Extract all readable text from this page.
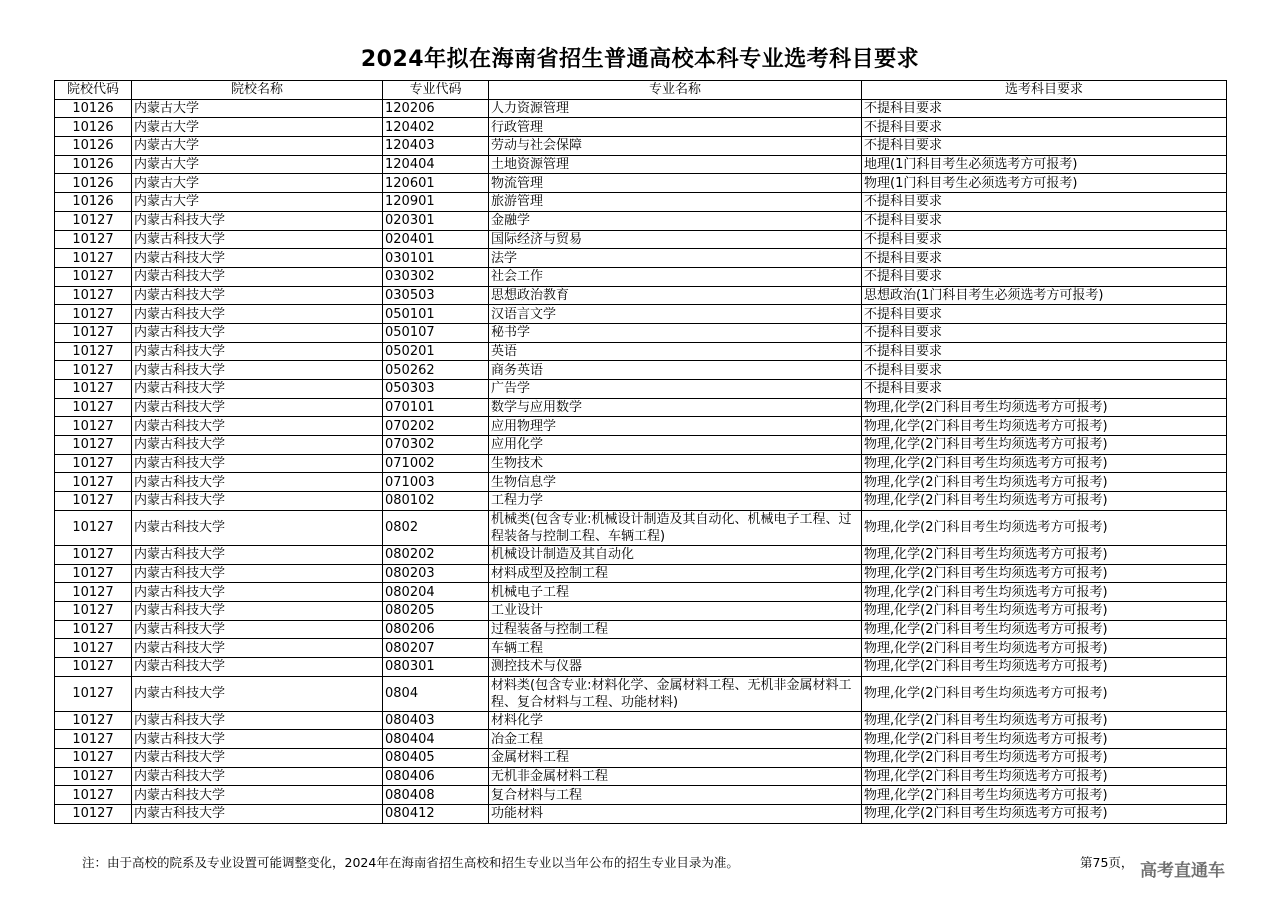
2024年拟在海南省招生普通高校本科专业选考科目要求
院校代码	院校名称	专业代码	专业名称	选考科目要求
10126	内蒙古大学	120206	人力资源管理	不提科目要求
10126	内蒙古大学	120402	行政管理	不提科目要求
10126	内蒙古大学	120403	劳动与社会保障	不提科目要求
10126	内蒙古大学	120404	土地资源管理	地理(1门科目考生必须选考方可报考)
10126	内蒙古大学	120601	物流管理	物理(1门科目考生必须选考方可报考)
10126	内蒙古大学	120901	旅游管理	不提科目要求
10127	内蒙古科技大学	020301	金融学	不提科目要求
10127	内蒙古科技大学	020401	国际经济与贸易	不提科目要求
10127	内蒙古科技大学	030101	法学	不提科目要求
10127	内蒙古科技大学	030302	社会工作	不提科目要求
10127	内蒙古科技大学	030503	思想政治教育	思想政治(1门科目考生必须选考方可报考)
10127	内蒙古科技大学	050101	汉语言文学	不提科目要求
10127	内蒙古科技大学	050107	秘书学	不提科目要求
10127	内蒙古科技大学	050201	英语	不提科目要求
10127	内蒙古科技大学	050262	商务英语	不提科目要求
10127	内蒙古科技大学	050303	广告学	不提科目要求
10127	内蒙古科技大学	070101	数学与应用数学	物理,化学(2门科目考生均须选考方可报考)
10127	内蒙古科技大学	070202	应用物理学	物理,化学(2门科目考生均须选考方可报考)
10127	内蒙古科技大学	070302	应用化学	物理,化学(2门科目考生均须选考方可报考)
10127	内蒙古科技大学	071002	生物技术	物理,化学(2门科目考生均须选考方可报考)
10127	内蒙古科技大学	071003	生物信息学	物理,化学(2门科目考生均须选考方可报考)
10127	内蒙古科技大学	080102	工程力学	物理,化学(2门科目考生均须选考方可报考)
10127	内蒙古科技大学	0802	机械类(包含专业:机械设计制造及其自动化、机械电子工程、过程装备与控制工程、车辆工程)	物理,化学(2门科目考生均须选考方可报考)
10127	内蒙古科技大学	080202	机械设计制造及其自动化	物理,化学(2门科目考生均须选考方可报考)
10127	内蒙古科技大学	080203	材料成型及控制工程	物理,化学(2门科目考生均须选考方可报考)
10127	内蒙古科技大学	080204	机械电子工程	物理,化学(2门科目考生均须选考方可报考)
10127	内蒙古科技大学	080205	工业设计	物理,化学(2门科目考生均须选考方可报考)
10127	内蒙古科技大学	080206	过程装备与控制工程	物理,化学(2门科目考生均须选考方可报考)
10127	内蒙古科技大学	080207	车辆工程	物理,化学(2门科目考生均须选考方可报考)
10127	内蒙古科技大学	080301	测控技术与仪器	物理,化学(2门科目考生均须选考方可报考)
10127	内蒙古科技大学	0804	材料类(包含专业:材料化学、金属材料工程、无机非金属材料工程、复合材料与工程、功能材料)	物理,化学(2门科目考生均须选考方可报考)
10127	内蒙古科技大学	080403	材料化学	物理,化学(2门科目考生均须选考方可报考)
10127	内蒙古科技大学	080404	冶金工程	物理,化学(2门科目考生均须选考方可报考)
10127	内蒙古科技大学	080405	金属材料工程	物理,化学(2门科目考生均须选考方可报考)
10127	内蒙古科技大学	080406	无机非金属材料工程	物理,化学(2门科目考生均须选考方可报考)
10127	内蒙古科技大学	080408	复合材料与工程	物理,化学(2门科目考生均须选考方可报考)
10127	内蒙古科技大学	080412	功能材料	物理,化学(2门科目考生均须选考方可报考)
注：由于高校的院系及专业设置可能调整变化，2024年在海南省招生高校和招生专业以当年公布的招生专业目录为准。	第75页， 高考直通车
